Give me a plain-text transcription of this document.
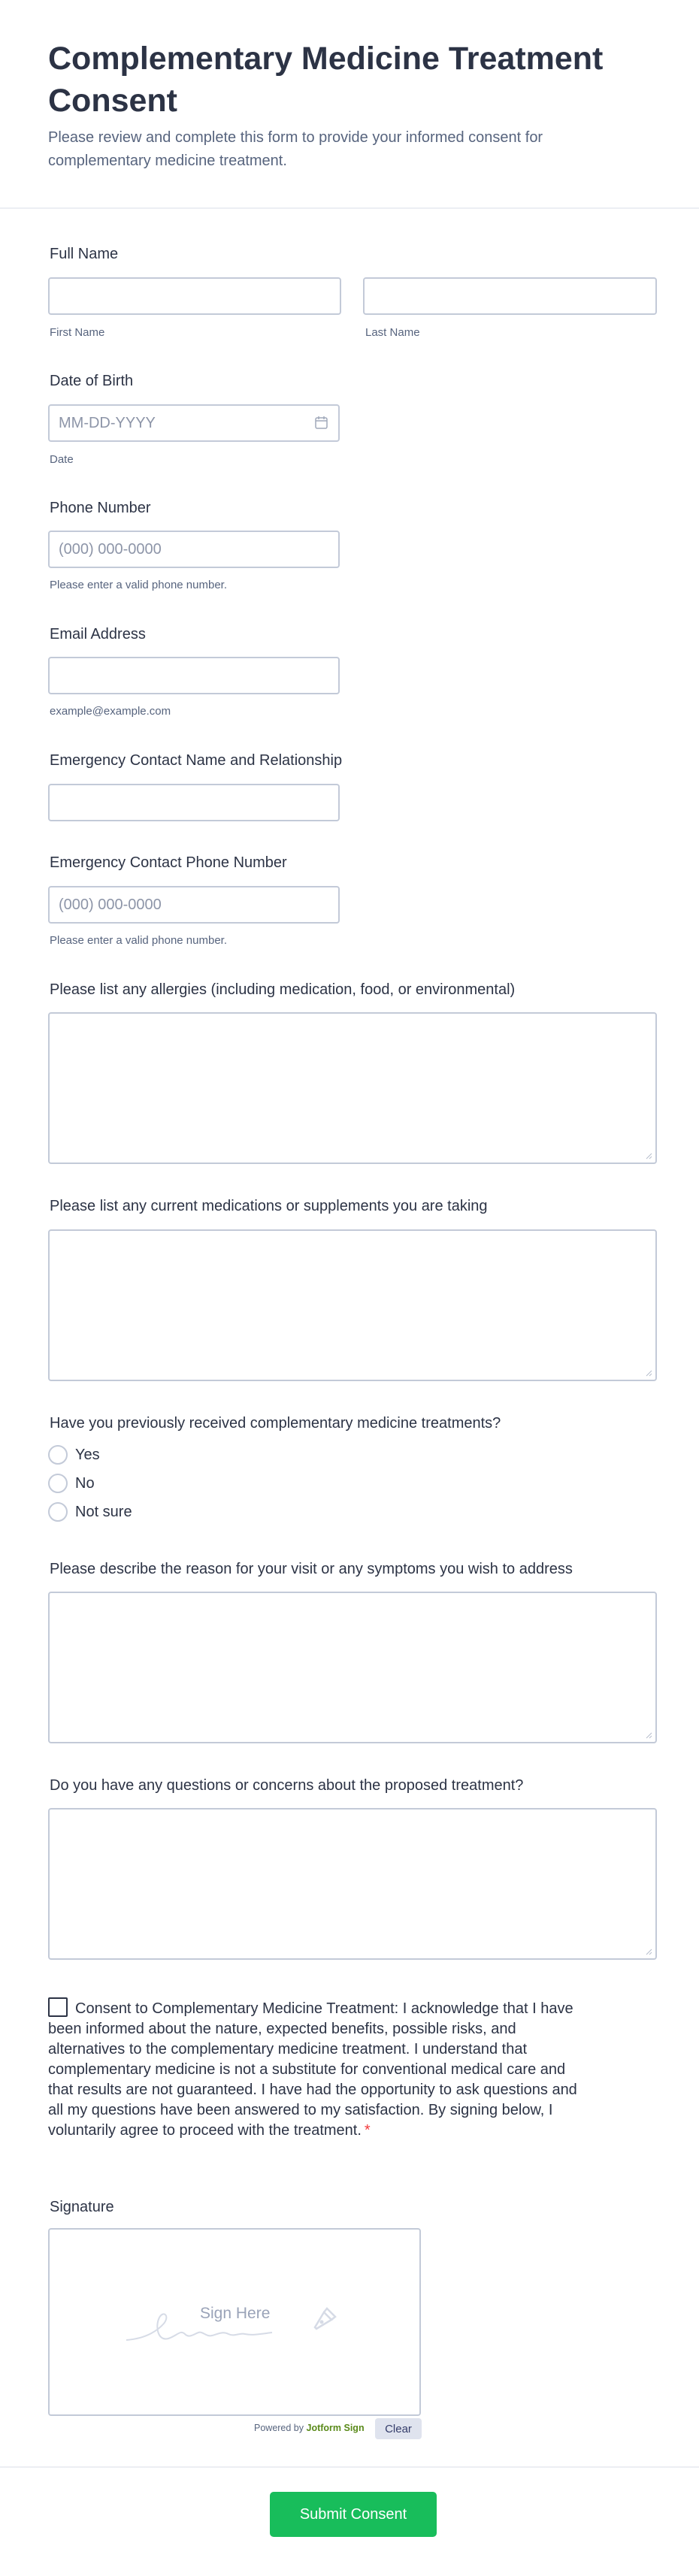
Complementary Medicine Treatment Consent

Please review and complete this form to provide your informed consent for complementary medicine treatment.

Full Name
First Name	Last Name
Date of Birth
MM-DD-YYYY
Date
Phone Number
(000) 000-0000
Please enter a valid phone number.
Email Address
example@example.com
Emergency Contact Name and Relationship
Emergency Contact Phone Number
(000) 000-0000
Please enter a valid phone number.
Please list any allergies (including medication, food, or environmental)
Please list any current medications or supplements you are taking
Have you previously received complementary medicine treatments?
Yes
No
Not sure
Please describe the reason for your visit or any symptoms you wish to address
Do you have any questions or concerns about the proposed treatment?
Consent to Complementary Medicine Treatment: I acknowledge that I have been informed about the nature, expected benefits, possible risks, and alternatives to the complementary medicine treatment. I understand that complementary medicine is not a substitute for conventional medical care and that results are not guaranteed. I have had the opportunity to ask questions and all my questions have been answered to my satisfaction. By signing below, I voluntarily agree to proceed with the treatment. *
Signature
Sign Here
Powered by Jotform Sign	Clear
Submit Consent
